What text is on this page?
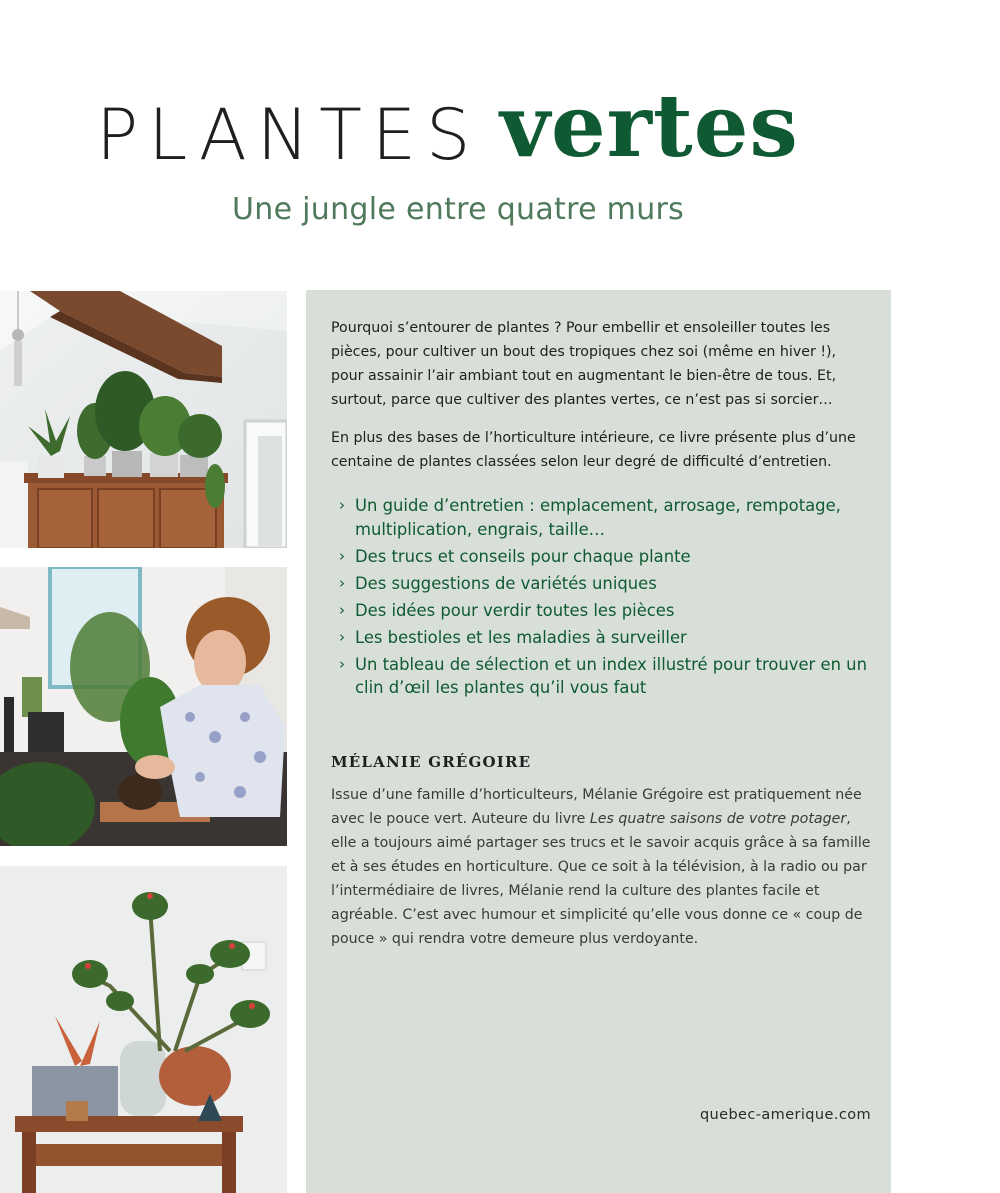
PLANTES vertes
Une jungle entre quatre murs

Pourquoi s’entourer de plantes ? Pour embellir et ensoleiller toutes les pièces, pour cultiver un bout des tropiques chez soi (même en hiver !), pour assainir l’air ambiant tout en augmentant le bien-être de tous. Et, surtout, parce que cultiver des plantes vertes, ce n’est pas si sorcier…

En plus des bases de l’horticulture intérieure, ce livre présente plus d’une centaine de plantes classées selon leur degré de difficulté d’entretien.

› Un guide d’entretien : emplacement, arrosage, rempotage, multiplication, engrais, taille…
› Des trucs et conseils pour chaque plante
› Des suggestions de variétés uniques
› Des idées pour verdir toutes les pièces
› Les bestioles et les maladies à surveiller
› Un tableau de sélection et un index illustré pour trouver en un clin d’œil les plantes qu’il vous faut
MÉLANIE GRÉGOIRE

Issue d’une famille d’horticulteurs, Mélanie Grégoire est pratiquement née avec le pouce vert. Auteure du livre Les quatre saisons de votre potager, elle a toujours aimé partager ses trucs et le savoir acquis grâce à sa famille et à ses études en horticulture. Que ce soit à la télévision, à la radio ou par l’intermédiaire de livres, Mélanie rend la culture des plantes facile et agréable. C’est avec humour et simplicité qu’elle vous donne ce « coup de pouce » qui rendra votre demeure plus verdoyante.

quebec-amerique.com
